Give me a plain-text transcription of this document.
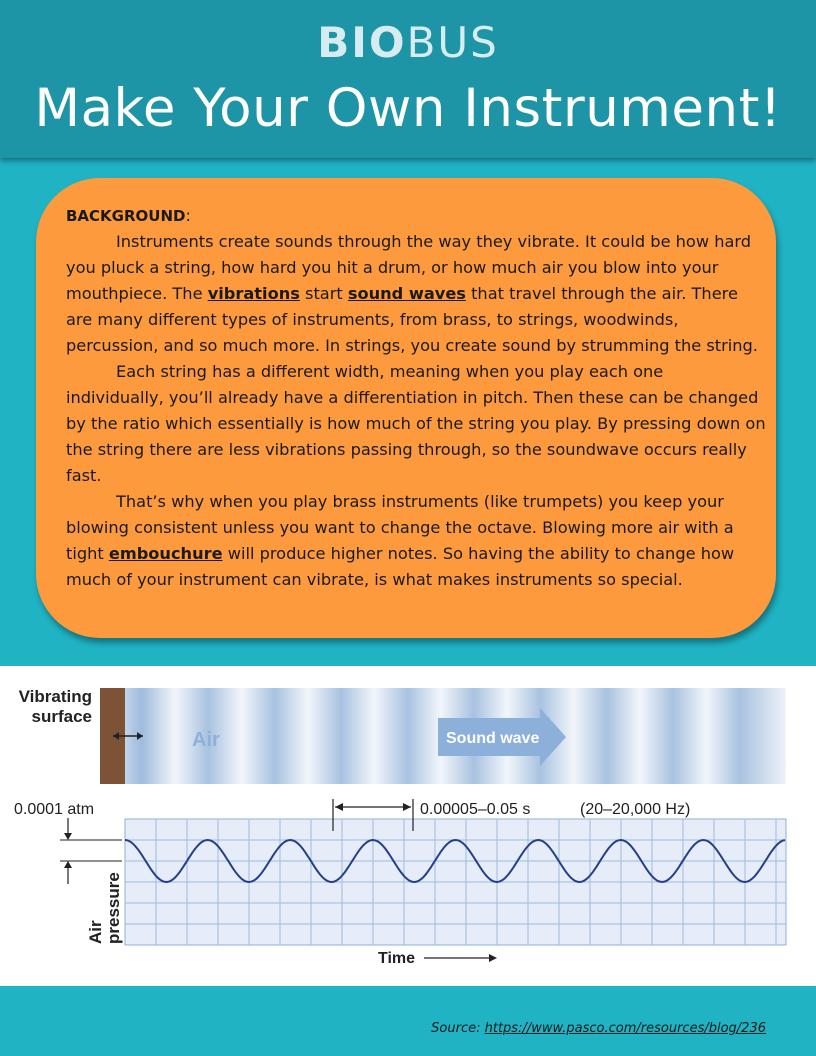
BIOBUS
Make Your Own Instrument!
BACKGROUND:

Instruments create sounds through the way they vibrate. It could be how hard you pluck a string, how hard you hit a drum, or how much air you blow into your mouthpiece. The vibrations start sound waves that travel through the air. There are many different types of instruments, from brass, to strings, woodwinds, percussion, and so much more. In strings, you create sound by strumming the string.

Each string has a different width, meaning when you play each one individually, you’ll already have a differentiation in pitch. Then these can be changed by the ratio which essentially is how much of the string you play. By pressing down on the string there are less vibrations passing through, so the soundwave occurs really fast.

That’s why when you play brass instruments (like trumpets) you keep your blowing consistent unless you want to change the octave. Blowing more air with a tight embouchure will produce higher notes. So having the ability to change how much of your instrument can vibrate, is what makes instruments so special.

Vibrating
surface
Air	Sound wave
0.0001 atm	0.00005–0.05 s	(20–20,000 Hz)
Air pressure
Time
Source: https://www.pasco.com/resources/blog/236
